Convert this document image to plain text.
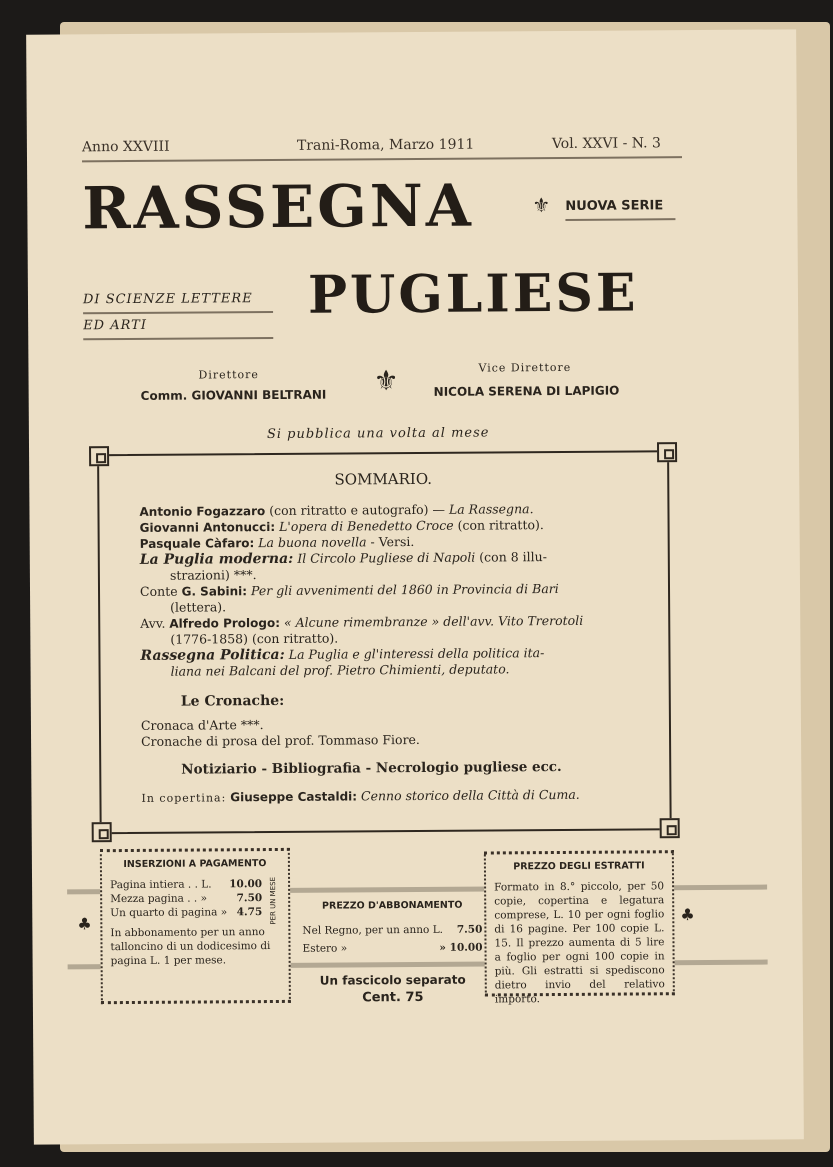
Anno XXVIII	Trani-Roma, Marzo 1911	Vol. XXVI - N. 3
RASSEGNA	⚜ NUOVA SERIE
PUGLIESE
DI SCIENZE LETTERE
ED ARTI
Direttore
Comm. GIOVANNI BELTRANI ⚜	Vice Direttore
NICOLA SERENA DI LAPIGIO
Si pubblica una volta al mese
SOMMARIO.
Antonio Fogazzaro (con ritratto e autografo) — La Rassegna.
Giovanni Antonucci: L'opera di Benedetto Croce (con ritratto).
Pasquale Càfaro: La buona novella - Versi.
La Puglia moderna: Il Circolo Pugliese di Napoli (con 8 illu-
strazioni) ***.
Conte G. Sabini: Per gli avvenimenti del 1860 in Provincia di Bari
(lettera).
Avv. Alfredo Prologo: « Alcune rimembranze » dell'avv. Vito Trerotoli
(1776-1858) (con ritratto).
Rassegna Politica: La Puglia e gl'interessi della politica ita-
liana nei Balcani del prof. Pietro Chimienti, deputato.
Le Cronache:
Cronaca d'Arte ***.
Cronache di prosa del prof. Tommaso Fiore.
Notiziario - Bibliografia - Necrologio pugliese ecc.
In copertina: Giuseppe Castaldi: Cenno storico della Città di Cuma.
INSERZIONI A PAGAMENTO
Pagina intiera . . L. 10.00
Mezza pagina . . »	7.50
Un quarto di pagina » 4.75 PER UN MESE
In abbonamento per un anno talloncino di un dodicesimo di pagina L. 1 per mese.
PREZZO D'ABBONAMENTO
Nel Regno, per un anno L. 7.50
Estero »	» 10.00
Un fascicolo separato
Cent. 75
PREZZO DEGLI ESTRATTI
Formato in 8.° piccolo, per 50 copie, copertina e legatura comprese, L. 10 per ogni foglio di 16 pagine. Per 100 copie L. 15. Il prezzo aumenta di 5 lire a foglio per ogni 100 copie in più. Gli estratti si spediscono dietro invio del relativo importo.
♣	♣
